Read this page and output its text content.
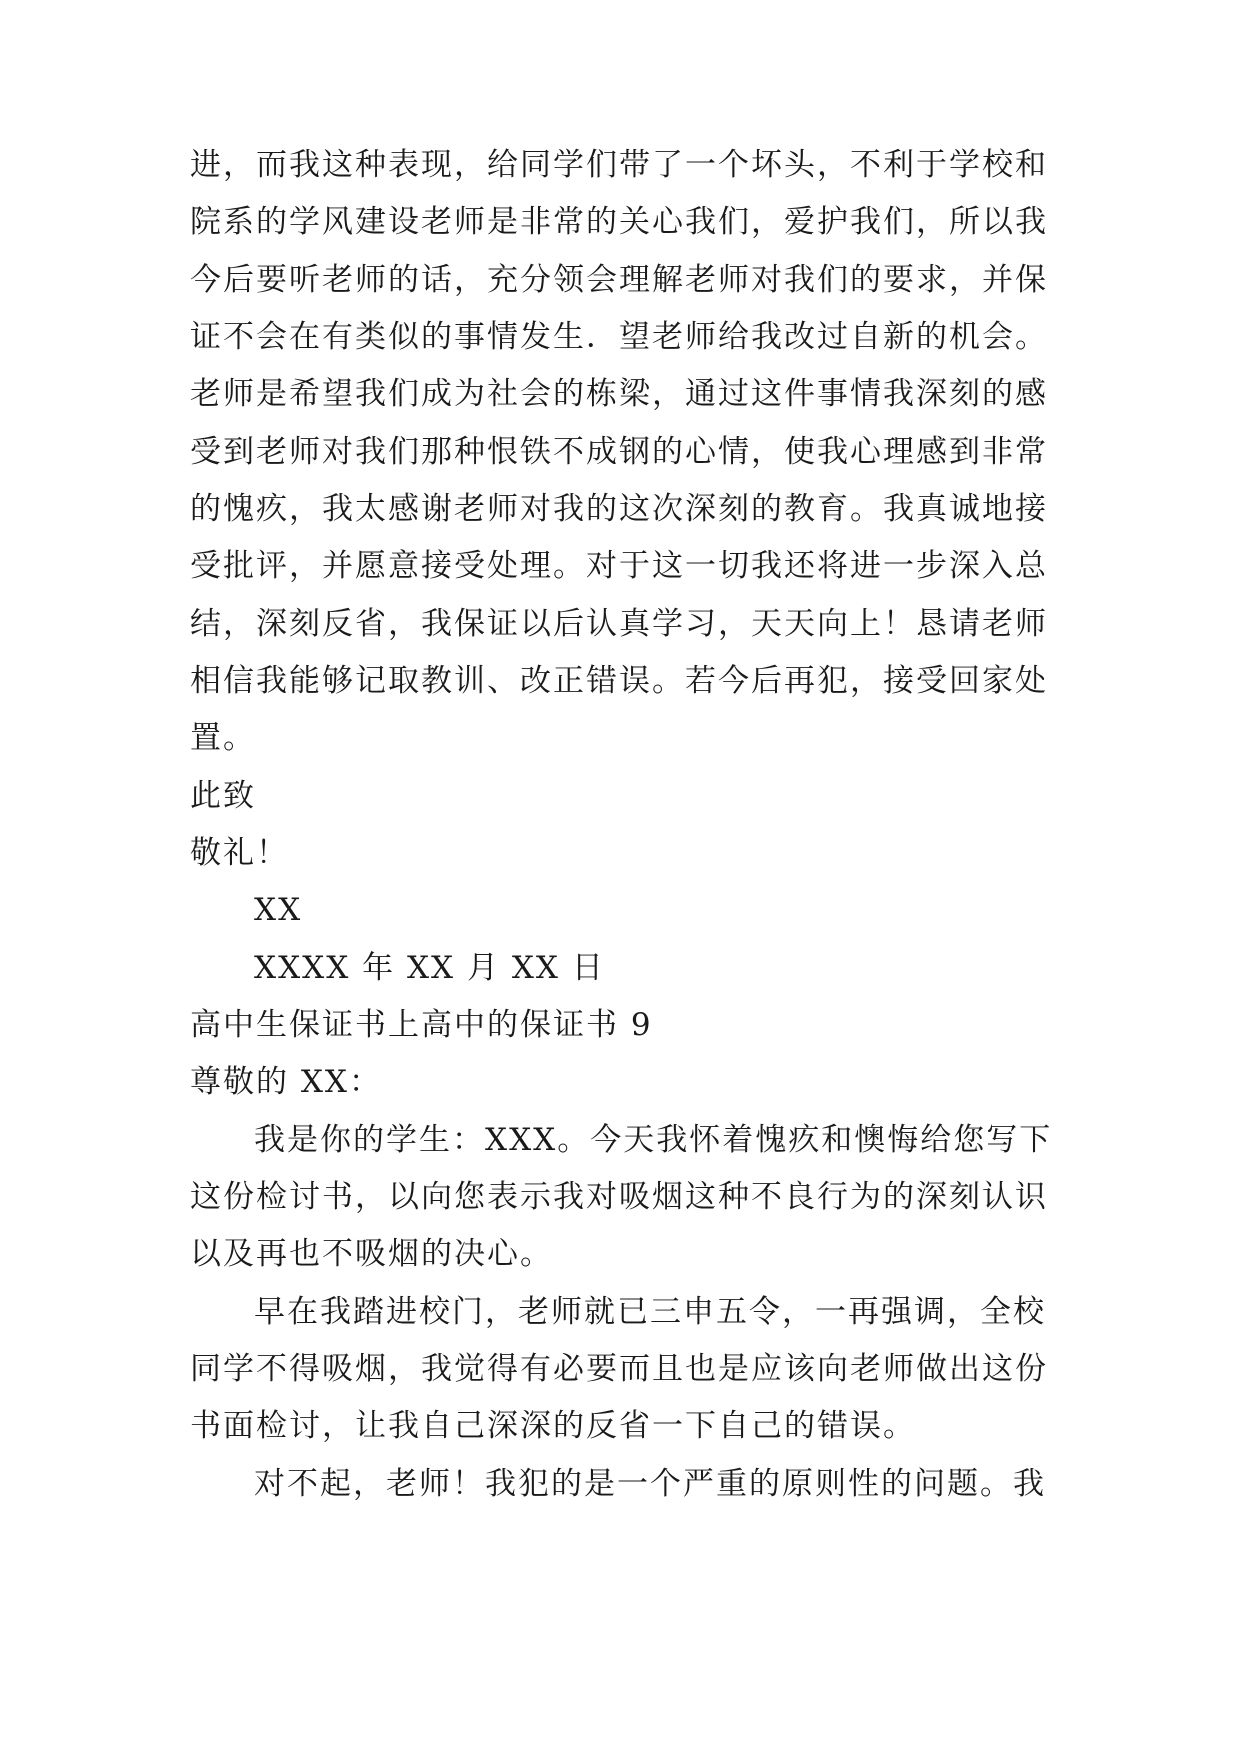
进，而我这种表现，给同学们带了一个坏头，不利于学校和
院系的学风建设老师是非常的关心我们，爱护我们，所以我
今后要听老师的话，充分领会理解老师对我们的要求，并保
证不会在有类似的事情发生．望老师给我改过自新的机会。
老师是希望我们成为社会的栋梁，通过这件事情我深刻的感
受到老师对我们那种恨铁不成钢的心情，使我心理感到非常
的愧疚，我太感谢老师对我的这次深刻的教育。我真诚地接
受批评，并愿意接受处理。对于这一切我还将进一步深入总
结，深刻反省，我保证以后认真学习，天天向上！恳请老师
相信我能够记取教训、改正错误。若今后再犯，接受回家处
置。
此致
敬礼！
XX
XXXX 年 XX 月 XX 日
高中生保证书上高中的保证书 9
尊敬的 XX：
我是你的学生：XXX。今天我怀着愧疚和懊悔给您写下
这份检讨书，以向您表示我对吸烟这种不良行为的深刻认识
以及再也不吸烟的决心。
早在我踏进校门，老师就已三申五令，一再强调，全校
同学不得吸烟，我觉得有必要而且也是应该向老师做出这份
书面检讨，让我自己深深的反省一下自己的错误。
对不起，老师！我犯的是一个严重的原则性的问题。我
